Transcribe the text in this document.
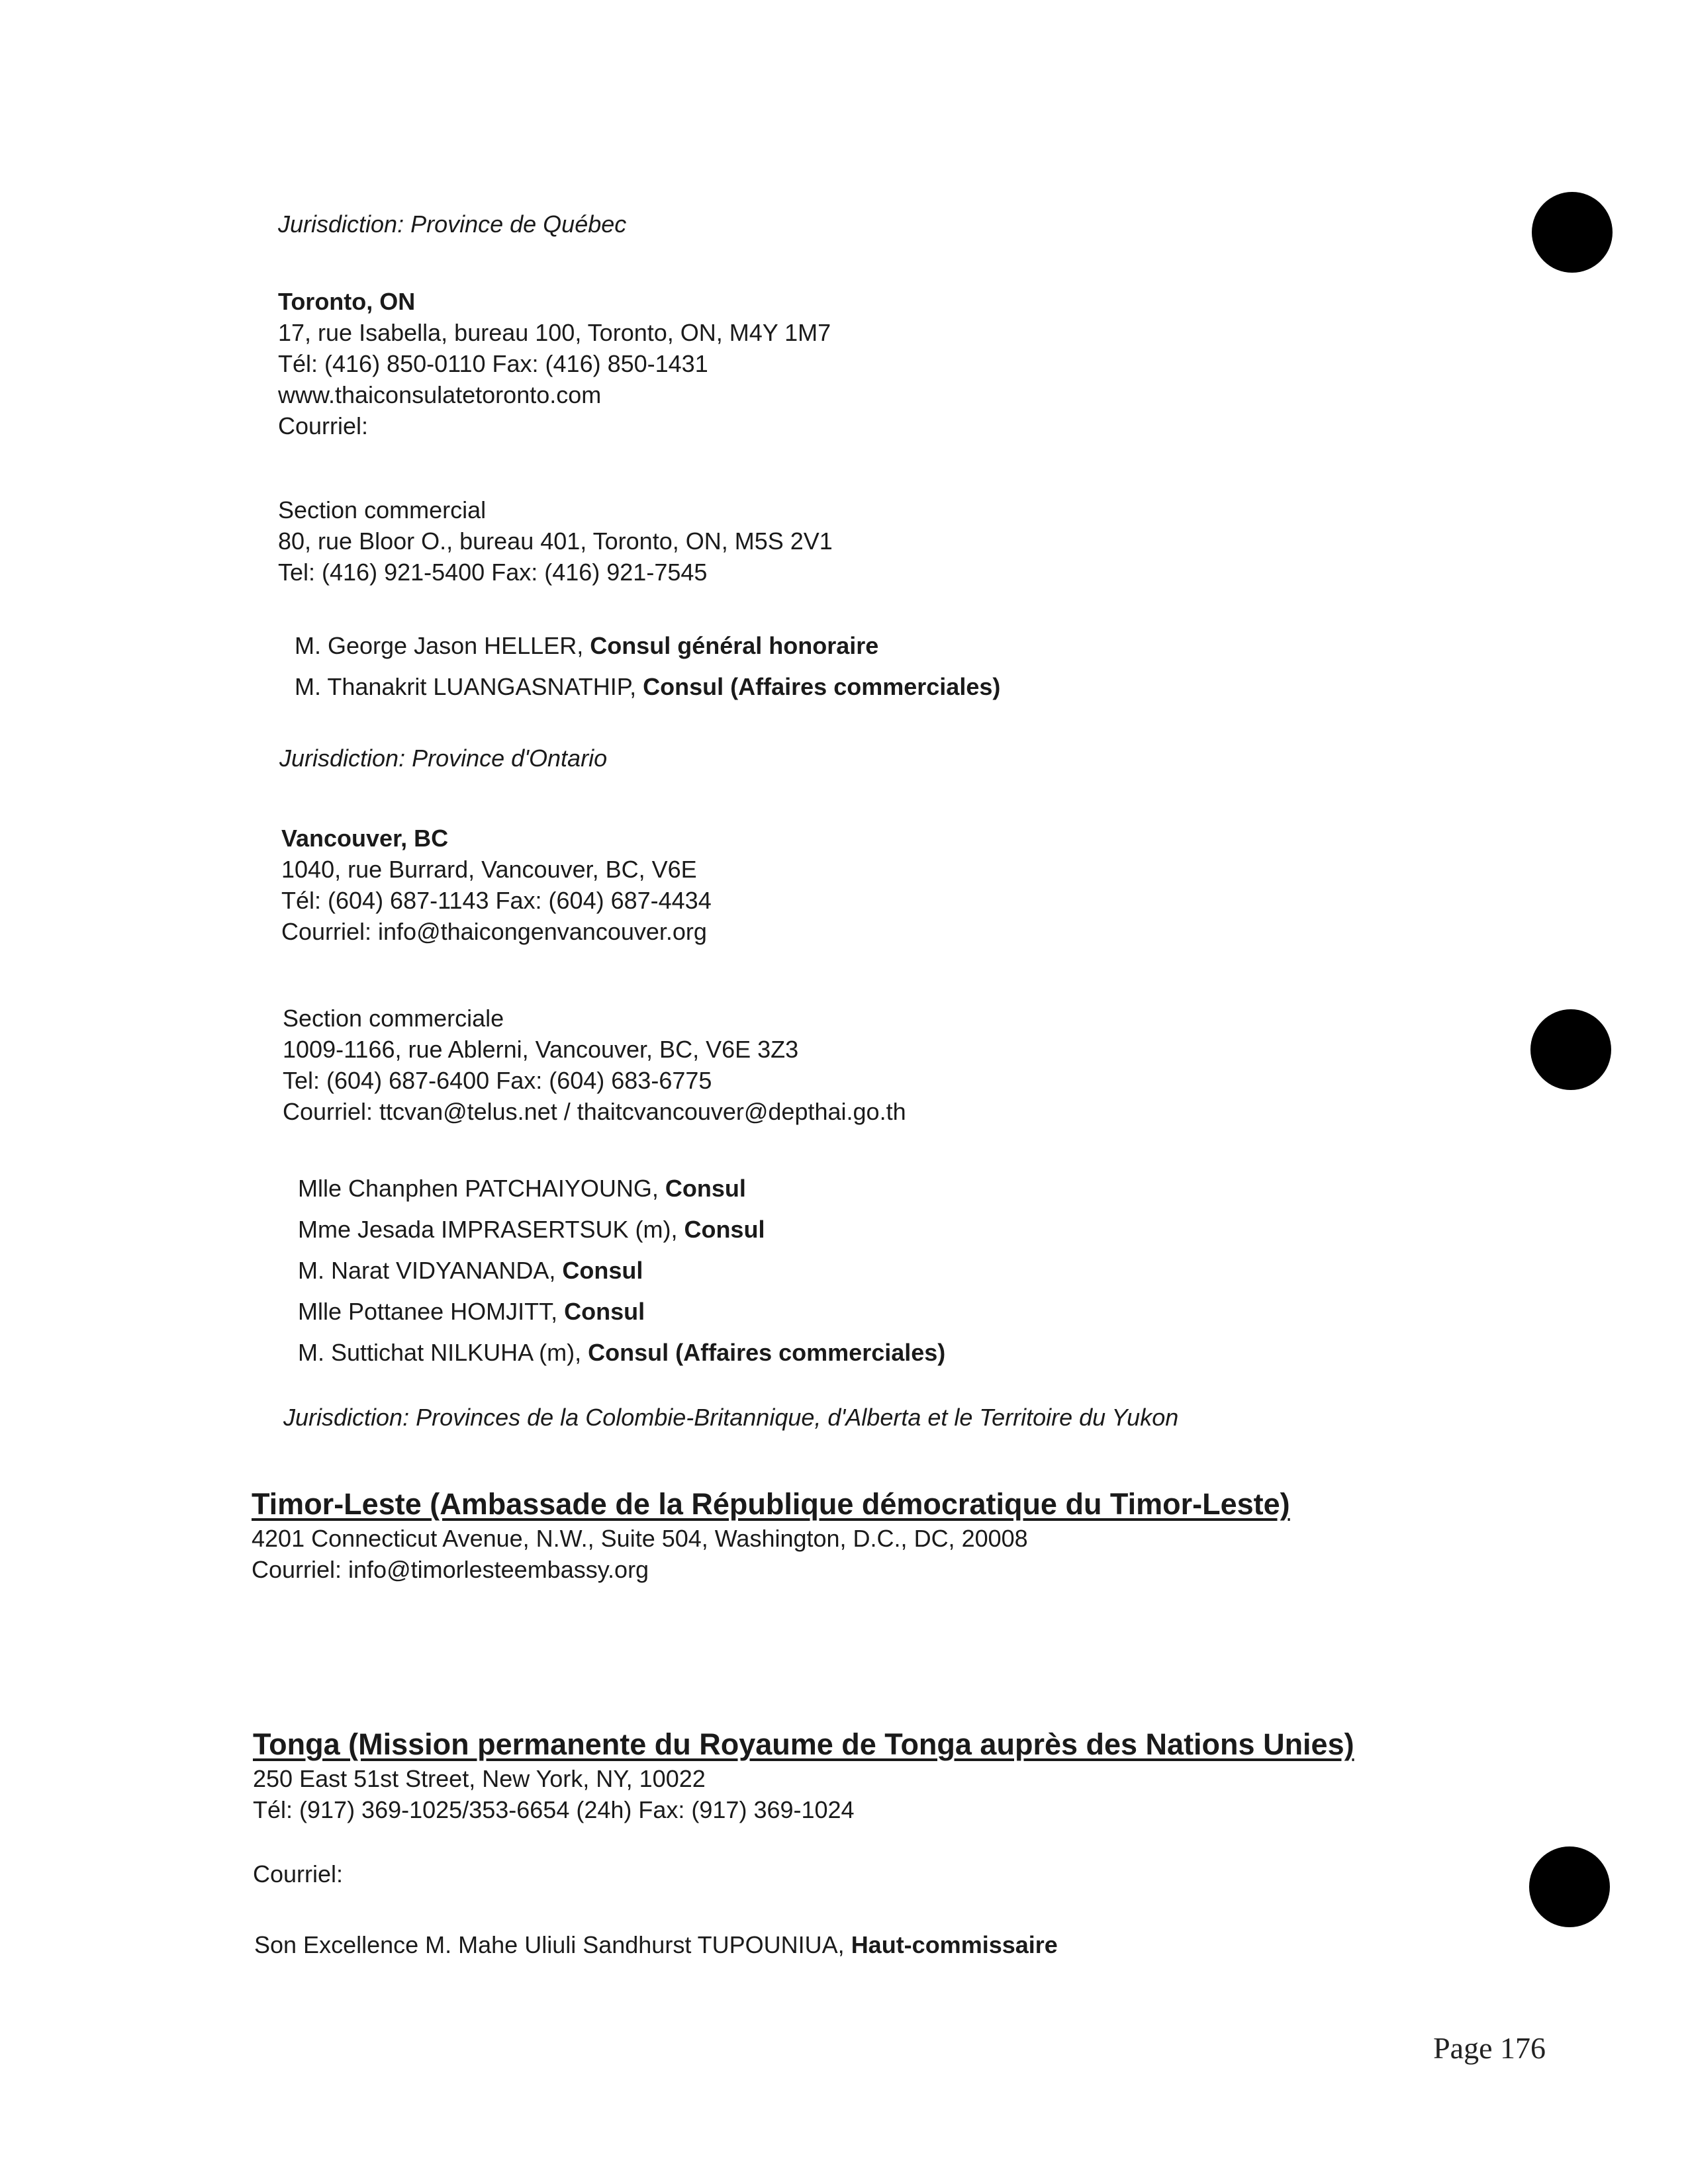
Jurisdiction: Province de Québec
Toronto, ON
17, rue Isabella, bureau 100, Toronto, ON, M4Y 1M7
Tél: (416) 850-0110 Fax: (416) 850-1431
www.thaiconsulatetoronto.com
Courriel:
Section commercial
80, rue Bloor O., bureau 401, Toronto, ON, M5S 2V1
Tel: (416) 921-5400 Fax: (416) 921-7545
M. George Jason HELLER, Consul général honoraire
M. Thanakrit LUANGASNATHIP, Consul (Affaires commerciales)
Jurisdiction: Province d'Ontario
Vancouver, BC
1040, rue Burrard, Vancouver, BC, V6E
Tél: (604) 687-1143 Fax: (604) 687-4434
Courriel: info@thaicongenvancouver.org
Section commerciale
1009-1166, rue Ablerni, Vancouver, BC, V6E 3Z3
Tel: (604) 687-6400 Fax: (604) 683-6775
Courriel: ttcvan@telus.net / thaitcvancouver@depthai.go.th
Mlle Chanphen PATCHAIYOUNG, Consul
Mme Jesada IMPRASERTSUK (m), Consul
M. Narat VIDYANANDA, Consul
Mlle Pottanee HOMJITT, Consul
M. Suttichat NILKUHA (m), Consul (Affaires commerciales)
Jurisdiction: Provinces de la Colombie-Britannique, d'Alberta et le Territoire du Yukon
Timor-Leste (Ambassade de la République démocratique du Timor-Leste)
4201 Connecticut Avenue, N.W., Suite 504, Washington, D.C., DC, 20008
Courriel: info@timorlesteembassy.org
Tonga (Mission permanente du Royaume de Tonga auprès des Nations Unies)
250 East 51st Street, New York, NY, 10022
Tél: (917) 369-1025/353-6654 (24h) Fax: (917) 369-1024
Courriel:
Son Excellence M. Mahe Uliuli Sandhurst TUPOUNIUA, Haut-commissaire
Page 176
